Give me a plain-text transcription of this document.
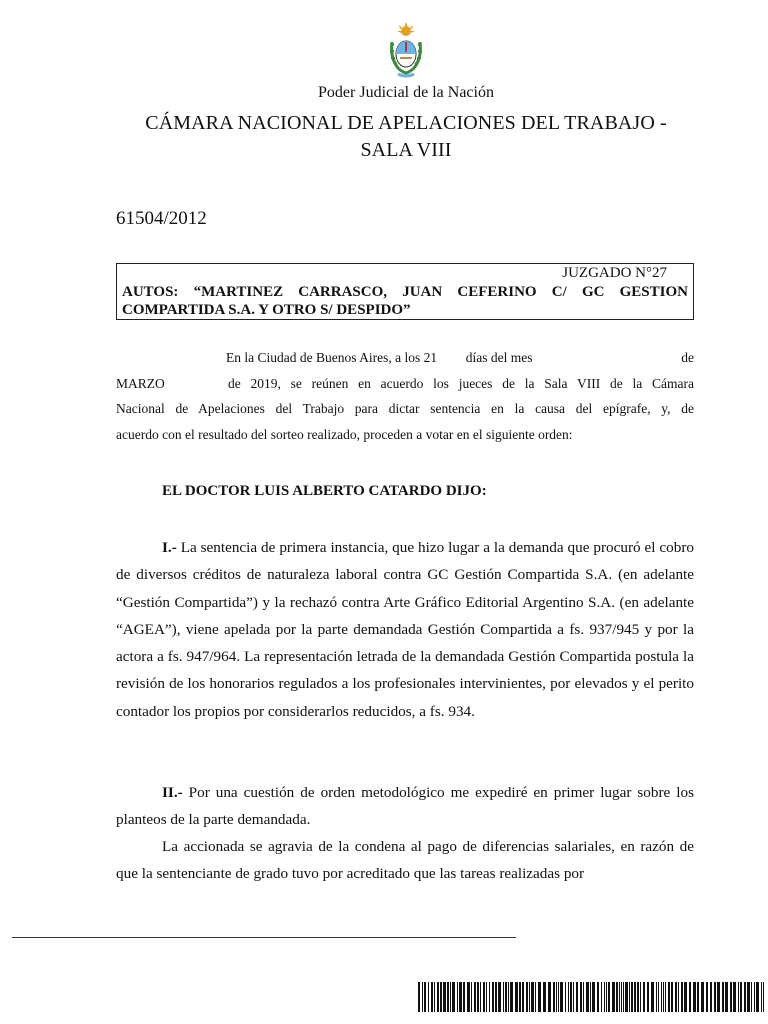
Poder Judicial de la Nación
CÁMARA NACIONAL DE APELACIONES DEL TRABAJO -
SALA VIII
61504/2012
JUZGADO N°27
AUTOS: “MARTINEZ CARRASCO, JUAN CEFERINO C/ GC GESTION COMPARTIDA S.A. Y OTRO S/ DESPIDO”
En la Ciudad de Buenos Aires, a los 21 días del mes	de
MARZO	de 2019, se reúnen en acuerdo los jueces de la Sala VIII de la Cámara
Nacional de Apelaciones del Trabajo para dictar sentencia en la causa del epígrafe, y, de
acuerdo con el resultado del sorteo realizado, proceden a votar en el siguiente orden:
EL DOCTOR LUIS ALBERTO CATARDO DIJO:
I.- La sentencia de primera instancia, que hizo lugar a la demanda que procuró el cobro de diversos créditos de naturaleza laboral contra GC Gestión Compartida S.A. (en adelante “Gestión Compartida”) y la rechazó contra Arte Gráfico Editorial Argentino S.A. (en adelante “AGEA”), viene apelada por la parte demandada Gestión Compartida a fs. 937/945 y por la actora a fs. 947/964. La representación letrada de la demandada Gestión Compartida postula la revisión de los honorarios regulados a los profesionales intervinientes, por elevados y el perito contador los propios por considerarlos reducidos, a fs. 934.
II.- Por una cuestión de orden metodológico me expediré en primer lugar sobre los planteos de la parte demandada.
La accionada se agravia de la condena al pago de diferencias salariales, en razón de que la sentenciante de grado tuvo por acreditado que las tareas realizadas por
